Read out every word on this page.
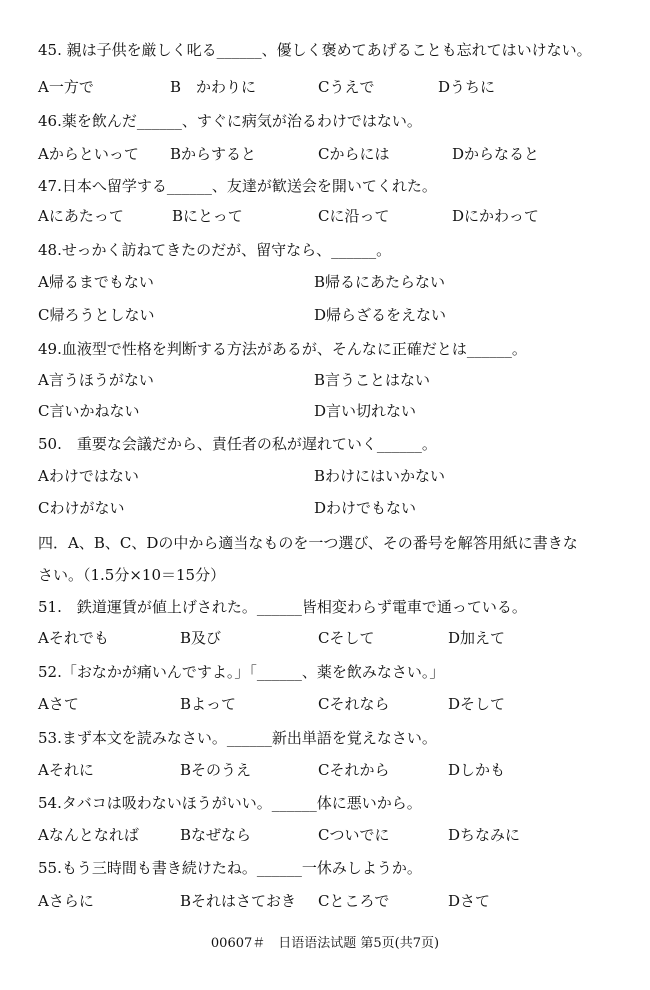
45. 親は子供を厳しく叱る______、優しく褒めてあげることも忘れてはいけない。
A一方で	B　かわりに	Cうえで	Dうちに
46.薬を飲んだ______、すぐに病気が治るわけではない。
Aからといって Bからすると	Cからには	Dからなると
47.日本へ留学する______、友達が歓送会を開いてくれた。
Aにあたって	Bにとって	Cに沿って	Dにかわって
48.せっかく訪ねてきたのだが、留守なら、______。
A帰るまでもない	B帰るにあたらない
C帰ろうとしない	D帰らざるをえない
49.血液型で性格を判断する方法があるが、そんなに正確だとは______。
A言うほうがない	B言うことはない
C言いかねない	D言い切れない
50.　重要な会議だから、責任者の私が遅れていく______。
Aわけではない	Bわけにはいかない
Cわけがない	Dわけでもない
四．A、B、C、Dの中から適当なものを一つ選び、その番号を解答用紙に書きな
さい。（1.5分×10＝15分）
51.　鉄道運賃が値上げされた。______皆相変わらず電車で通っている。
Aそれでも	B及び	Cそして	D加えて
52.「おなかが痛いんですよ。」「______、薬を飲みなさい。」
Aさて	Bよって	Cそれなら	Dそして
53.まず本文を読みなさい。______新出単語を覚えなさい。
Aそれに	Bそのうえ	Cそれから	Dしかも
54.タバコは吸わないほうがいい。______体に悪いから。
Aなんとなれば	Bなぜなら	Cついでに	Dちなみに
55.もう三時間も書き続けたね。______一休みしようか。
Aさらに	Bそれはさておき Cところで	Dさて
00607＃　日语语法试题 第5页(共7页)
